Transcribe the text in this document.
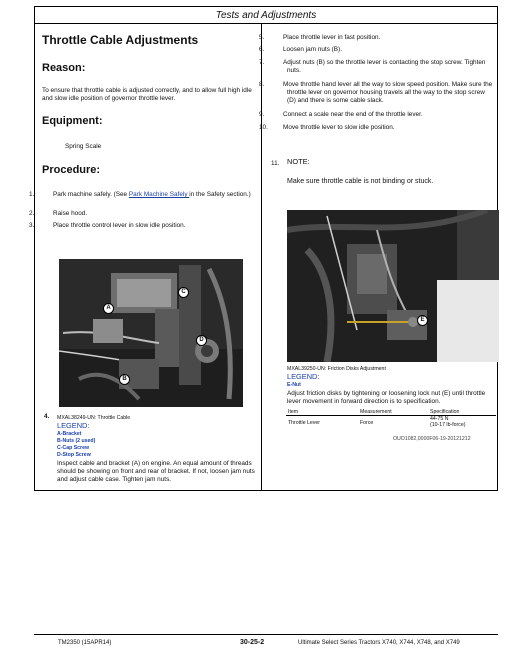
Tests and Adjustments
Throttle Cable Adjustments
Reason:
To ensure that throttle cable is adjusted correctly, and to allow full high idle and slow idle position of governor throttle lever.
Equipment:
Spring Scale
Procedure:
1.	Park machine safely. (See Park Machine Safely in the Safety section.)
2.	Raise hood.
3.	Place throttle control lever in slow idle position.
A
B
C
D
4. MXAL38249-UN: Throttle Cable
LEGEND:
A-Bracket
B-Nuts (2 used)
C-Cap Screw
D-Stop Screw
Inspect cable and bracket (A) on engine. An equal amount of threads should be showing on front and rear of bracket. If not, loosen jam nuts and adjust cable case. Tighten jam nuts.
5.	Place throttle lever in fast position.
6.	Loosen jam nuts (B).
7.	Adjust nuts (B) so the throttle lever is contacting the stop screw. Tighten nuts.
8.	Move throttle hand lever all the way to slow speed position. Make sure the throttle lever on governor housing travels all the way to the stop screw (D) and there is some cable slack.
9.	Connect a scale near the end of the throttle lever.
10. Move throttle lever to slow idle position.
11. NOTE:
Make sure throttle cable is not binding or stuck.
E
MXAL39250-UN: Friction Disks Adjustment
LEGEND:
E-Nut
Adjust friction disks by tightening or loosening lock nut (E) until throttle lever movement in forward direction is to specification.
Item	Measurement	Specification
Throttle Lever	Force	44-75 N
(10-17 lb-force)
OUO1082,0000F06-19-20121212
TM2350 (15APR14)	30-25-2	Ultimate Select Series Tractors X740, X744, X748, and X749
